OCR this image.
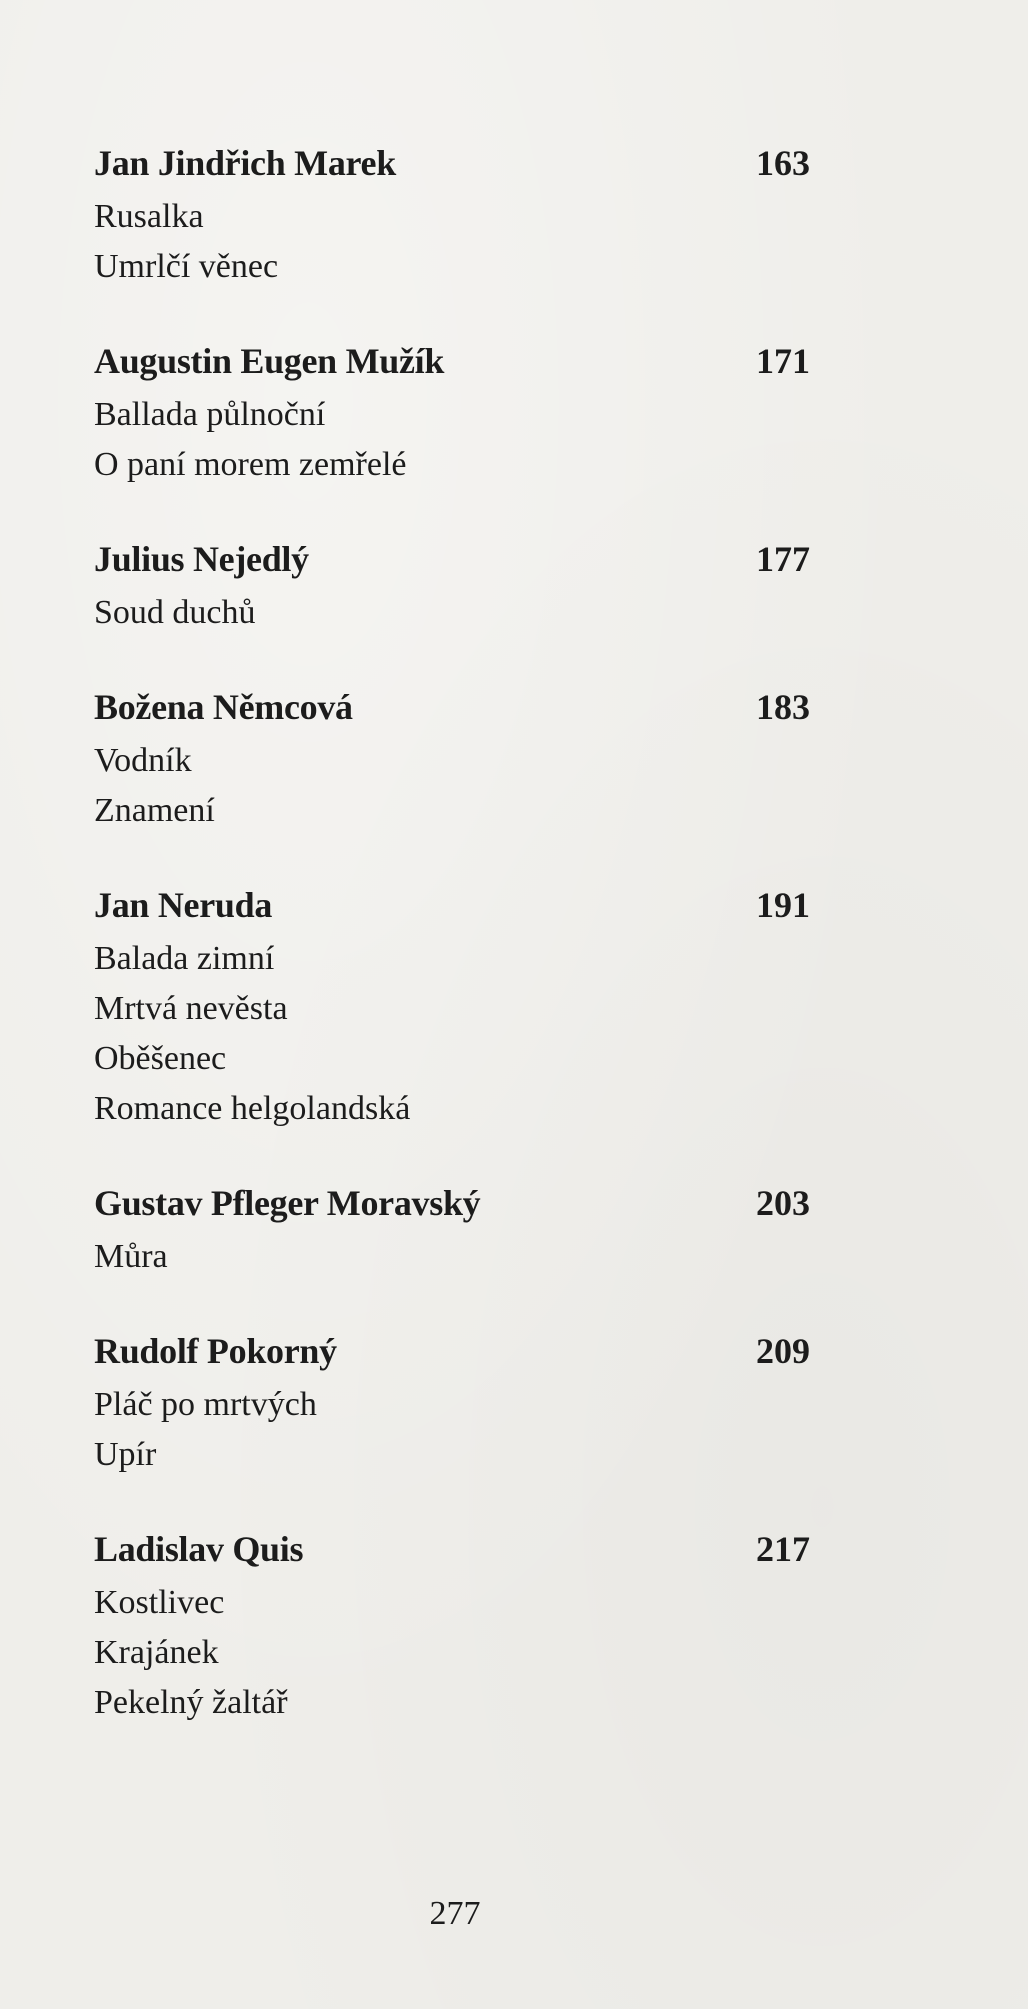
Jan Jindřich Marek	163
Rusalka
Umrlčí věnec
Augustin Eugen Mužík	171
Ballada půlnoční
O paní morem zemřelé
Julius Nejedlý	177
Soud duchů
Božena Němcová	183
Vodník
Znamení
Jan Neruda	191
Balada zimní
Mrtvá nevěsta
Oběšenec
Romance helgolandská
Gustav Pfleger Moravský	203
Můra
Rudolf Pokorný	209
Pláč po mrtvých
Upír
Ladislav Quis	217
Kostlivec
Krajánek
Pekelný žaltář
277
